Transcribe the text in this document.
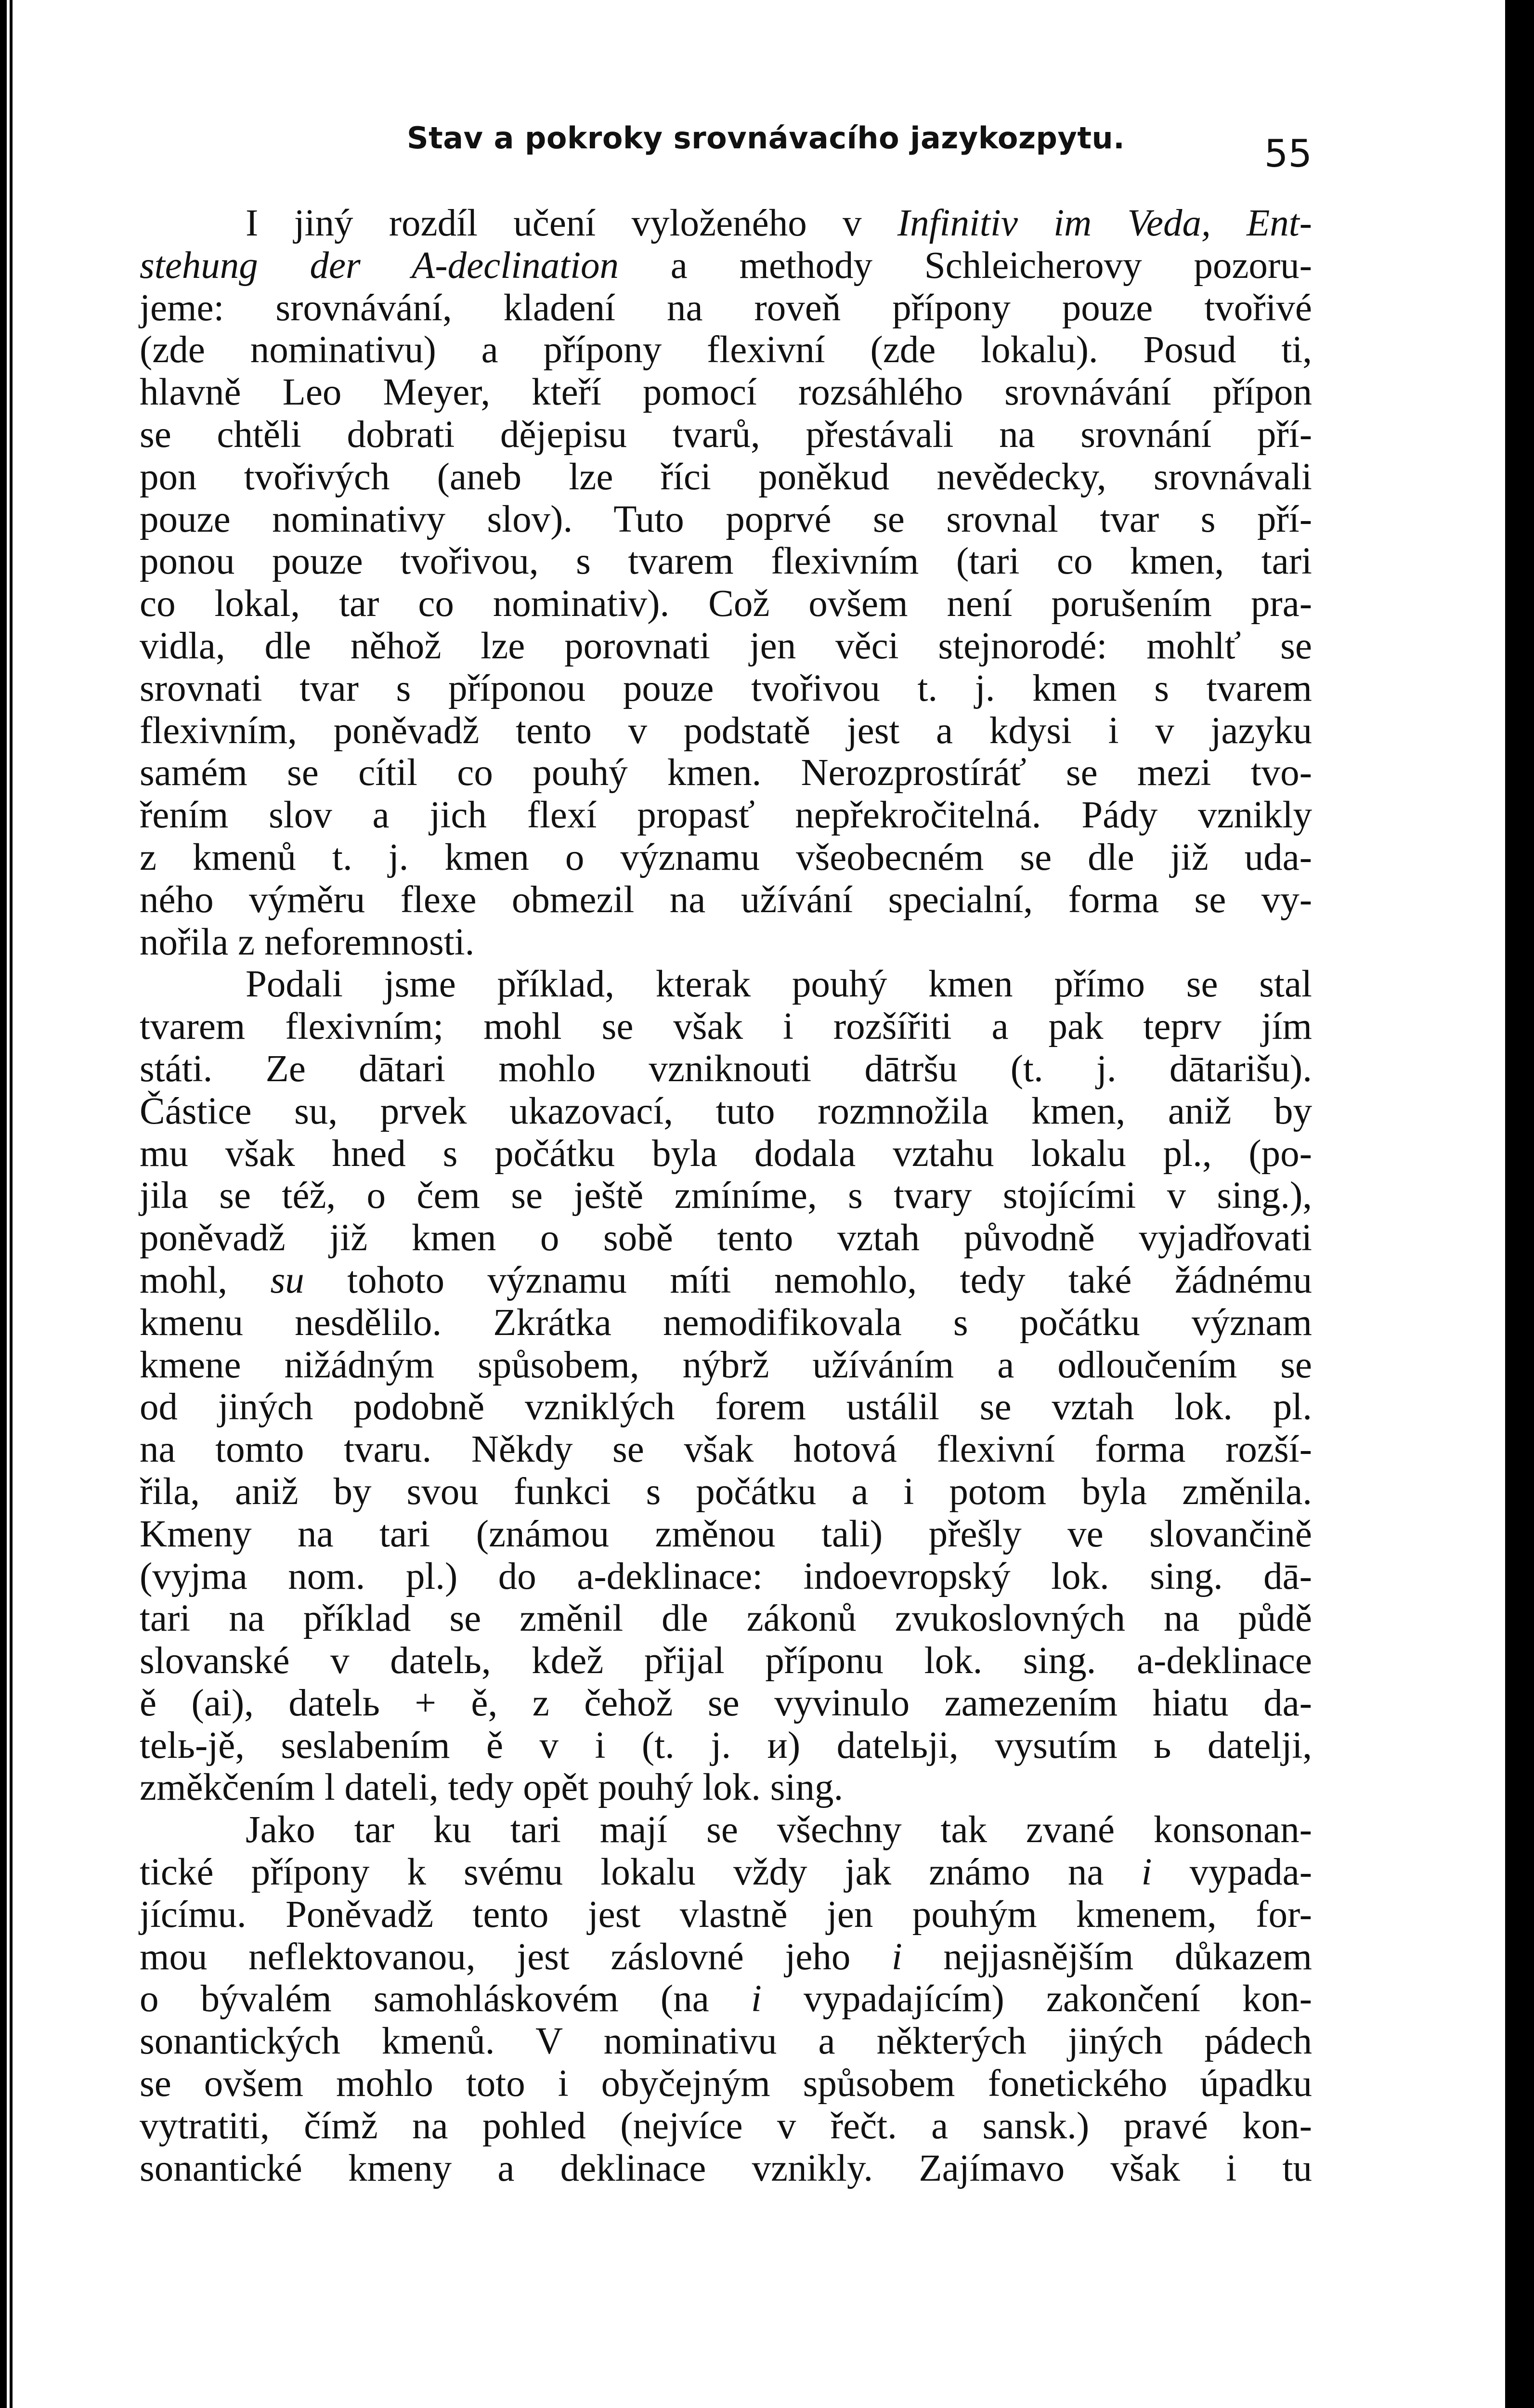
Stav a pokroky srovnávacího jazykozpytu.	55
I jiný rozdíl učení vyloženého v Infinitiv im Veda, Ent-
stehung der A-declination a methody Schleicherovy pozoru-
jeme: srovnávání, kladení na roveň přípony pouze tvořivé
(zde nominativu) a přípony flexivní (zde lokalu). Posud ti,
hlavně Leo Meyer, kteří pomocí rozsáhlého srovnávání přípon
se chtěli dobrati dějepisu tvarů, přestávali na srovnání pří-
pon tvořivých (aneb lze říci poněkud nevědecky, srovnávali
pouze nominativy slov). Tuto poprvé se srovnal tvar s pří-
ponou pouze tvořivou, s tvarem flexivním (tari co kmen, tari
co lokal, tar co nominativ). Což ovšem není porušením pra-
vidla, dle něhož lze porovnati jen věci stejnorodé: mohlť se
srovnati tvar s příponou pouze tvořivou t. j. kmen s tvarem
flexivním, poněvadž tento v podstatě jest a kdysi i v jazyku
samém se cítil co pouhý kmen. Nerozprostíráť se mezi tvo-
řením slov a jich flexí propasť nepřekročitelná. Pády vznikly
z kmenů t. j. kmen o významu všeobecném se dle již uda-
ného výměru flexe obmezil na užívání specialní, forma se vy-
nořila z neforemnosti.
Podali jsme příklad, kterak pouhý kmen přímo se stal
tvarem flexivním; mohl se však i rozšířiti a pak teprv jím
státi. Ze dātari mohlo vzniknouti dātršu (t. j. dātarišu).
Částice su, prvek ukazovací, tuto rozmnožila kmen, aniž by
mu však hned s počátku byla dodala vztahu lokalu pl., (po-
jila se též, o čem se ještě zmíníme, s tvary stojícími v sing.),
poněvadž již kmen o sobě tento vztah původně vyjadřovati
mohl, su tohoto významu míti nemohlo, tedy také žádnému
kmenu nesdělilo. Zkrátka nemodifikovala s počátku význam
kmene nižádným spůsobem, nýbrž užíváním a odloučením se
od jiných podobně vzniklých forem ustálil se vztah lok. pl.
na tomto tvaru. Někdy se však hotová flexivní forma rozší-
řila, aniž by svou funkci s počátku a i potom byla změnila.
Kmeny na tari (známou změnou tali) přešly ve slovančině
(vyjma nom. pl.) do a-deklinace: indoevropský lok. sing. dā-
tari na příklad se změnil dle zákonů zvukoslovných na půdě
slovanské v datelь, kdež přijal příponu lok. sing. a-deklinace
ě (ai), datelь + ě, z čehož se vyvinulo zamezením hiatu da-
telь-jě, seslabením ě v i (t. j. и) datelьji, vysutím ь datelji,
změkčením l dateli, tedy opět pouhý lok. sing.
Jako tar ku tari mají se všechny tak zvané konsonan-
tické přípony k svému lokalu vždy jak známo na i vypada-
jícímu. Poněvadž tento jest vlastně jen pouhým kmenem, for-
mou neflektovanou, jest záslovné jeho i nejjasnějším důkazem
o bývalém samohláskovém (na i vypadajícím) zakončení kon-
sonantických kmenů. V nominativu a některých jiných pádech
se ovšem mohlo toto i obyčejným spůsobem fonetického úpadku
vytratiti, čímž na pohled (nejvíce v řečt. a sansk.) pravé kon-
sonantické kmeny a deklinace vznikly. Zajímavo však i tu
